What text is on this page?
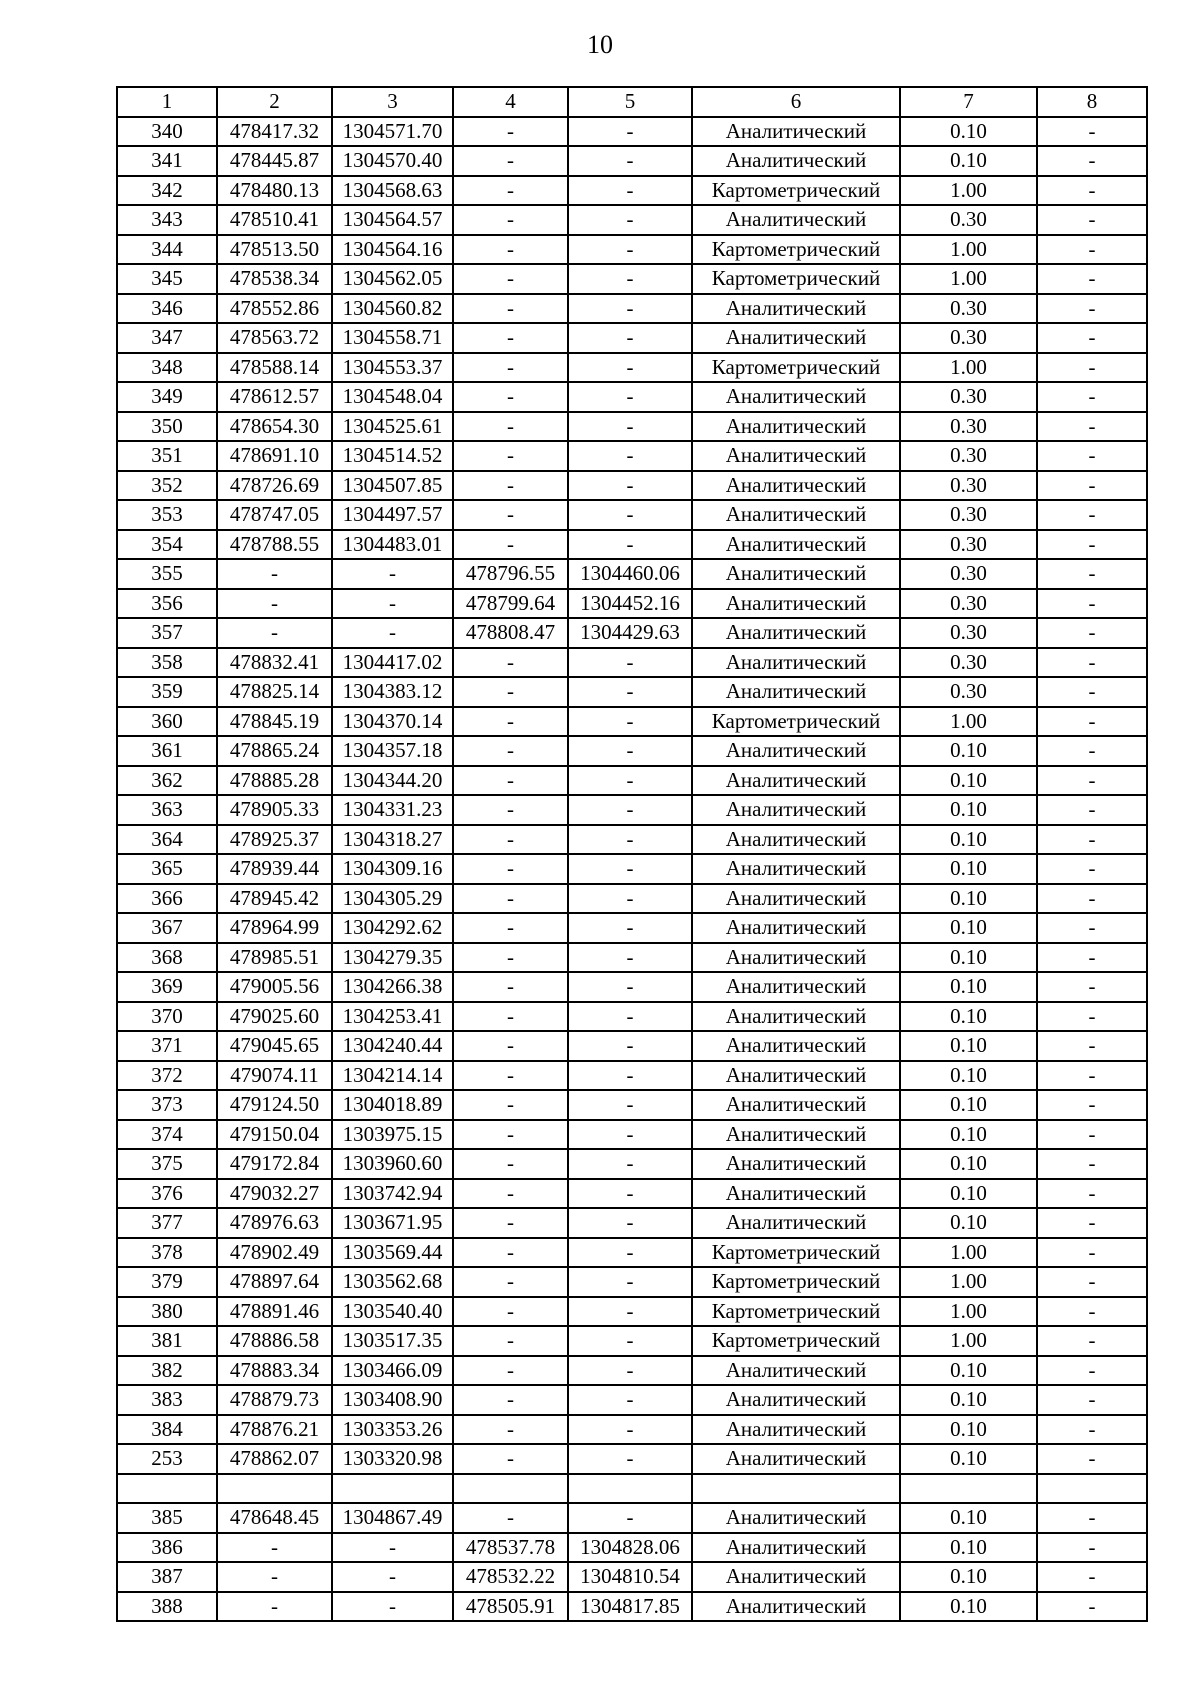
10
1	2	3	4	5	6	7	8
340	478417.32	1304571.70	-	-	Аналитический	0.10	-
341	478445.87	1304570.40	-	-	Аналитический	0.10	-
342	478480.13	1304568.63	-	-	Картометрический	1.00	-
343	478510.41	1304564.57	-	-	Аналитический	0.30	-
344	478513.50	1304564.16	-	-	Картометрический	1.00	-
345	478538.34	1304562.05	-	-	Картометрический	1.00	-
346	478552.86	1304560.82	-	-	Аналитический	0.30	-
347	478563.72	1304558.71	-	-	Аналитический	0.30	-
348	478588.14	1304553.37	-	-	Картометрический	1.00	-
349	478612.57	1304548.04	-	-	Аналитический	0.30	-
350	478654.30	1304525.61	-	-	Аналитический	0.30	-
351	478691.10	1304514.52	-	-	Аналитический	0.30	-
352	478726.69	1304507.85	-	-	Аналитический	0.30	-
353	478747.05	1304497.57	-	-	Аналитический	0.30	-
354	478788.55	1304483.01	-	-	Аналитический	0.30	-
355	-	-	478796.55	1304460.06	Аналитический	0.30	-
356	-	-	478799.64	1304452.16	Аналитический	0.30	-
357	-	-	478808.47	1304429.63	Аналитический	0.30	-
358	478832.41	1304417.02	-	-	Аналитический	0.30	-
359	478825.14	1304383.12	-	-	Аналитический	0.30	-
360	478845.19	1304370.14	-	-	Картометрический	1.00	-
361	478865.24	1304357.18	-	-	Аналитический	0.10	-
362	478885.28	1304344.20	-	-	Аналитический	0.10	-
363	478905.33	1304331.23	-	-	Аналитический	0.10	-
364	478925.37	1304318.27	-	-	Аналитический	0.10	-
365	478939.44	1304309.16	-	-	Аналитический	0.10	-
366	478945.42	1304305.29	-	-	Аналитический	0.10	-
367	478964.99	1304292.62	-	-	Аналитический	0.10	-
368	478985.51	1304279.35	-	-	Аналитический	0.10	-
369	479005.56	1304266.38	-	-	Аналитический	0.10	-
370	479025.60	1304253.41	-	-	Аналитический	0.10	-
371	479045.65	1304240.44	-	-	Аналитический	0.10	-
372	479074.11	1304214.14	-	-	Аналитический	0.10	-
373	479124.50	1304018.89	-	-	Аналитический	0.10	-
374	479150.04	1303975.15	-	-	Аналитический	0.10	-
375	479172.84	1303960.60	-	-	Аналитический	0.10	-
376	479032.27	1303742.94	-	-	Аналитический	0.10	-
377	478976.63	1303671.95	-	-	Аналитический	0.10	-
378	478902.49	1303569.44	-	-	Картометрический	1.00	-
379	478897.64	1303562.68	-	-	Картометрический	1.00	-
380	478891.46	1303540.40	-	-	Картометрический	1.00	-
381	478886.58	1303517.35	-	-	Картометрический	1.00	-
382	478883.34	1303466.09	-	-	Аналитический	0.10	-
383	478879.73	1303408.90	-	-	Аналитический	0.10	-
384	478876.21	1303353.26	-	-	Аналитический	0.10	-
253	478862.07	1303320.98	-	-	Аналитический	0.10	-

385	478648.45	1304867.49	-	-	Аналитический	0.10	-
386	-	-	478537.78	1304828.06	Аналитический	0.10	-
387	-	-	478532.22	1304810.54	Аналитический	0.10	-
388	-	-	478505.91	1304817.85	Аналитический	0.10	-
